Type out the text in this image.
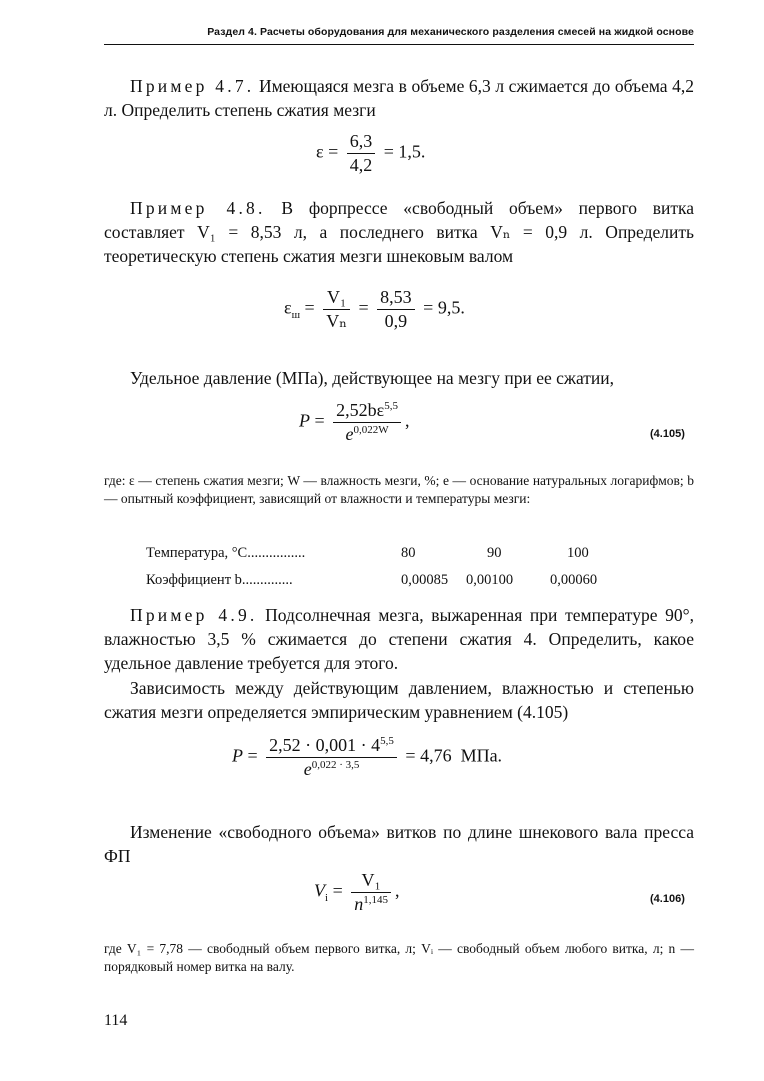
Раздел 4. Расчеты оборудования для механического разделения смесей на жидкой основе
Пример 4.7. Имеющаяся мезга в объеме 6,3 л сжимается до объема 4,2 л. Определить степень сжатия мезги
$\varepsilon = \frac{6,3}{4,2} = 1,5$.
Пример 4.8. В форпрессе «свободный объем» первого витка составляет V₁ = 8,53 л, а последнего витка Vₙ = 0,9 л. Определить теоретическую степень сжатия мезги шнековым валом
$\varepsilon_ш = \frac{\text{V₁}}{\text{Vₙ}} = \frac{8,53}{0,9} = 9,5$.
Удельное давление (МПа), действующее на мезгу при ее сжатии,
$P = \frac{2,52b\varepsilon^{5,5}}{e^{0,022W}}$ ,
(4.105)
где: ε — степень сжатия мезги; W — влажность мезги, %; e — основание натуральных логарифмов; b — опытный коэффициент, зависящий от влажности и температуры мезги:
Температура, °С................	80	90	100
Коэффициент b..............	0,00085 0,00100	0,00060
Пример 4.9. Подсолнечная мезга, выжаренная при температуре 90°, влажностью 3,5 % сжимается до степени сжатия 4. Определить, какое удельное давление требуется для этого.
Зависимость между действующим давлением, влажностью и степенью сжатия мезги определяется эмпирическим уравнением (4.105)
$P = \frac{2,52 \cdot 0,001 \cdot 4^{5,5}}{e^{0,022 \cdot 3,5}} = 4,76$ МПа.
Изменение «свободного объема» витков по длине шнекового вала пресса ФП
$V_i = \frac{\text{V₁}}{n^{1,145}}$ ,	(4.106)
где V₁ = 7,78 — свободный объем первого витка, л; Vᵢ — свободный объем любого витка, л; n — порядковый номер витка на валу.
114
